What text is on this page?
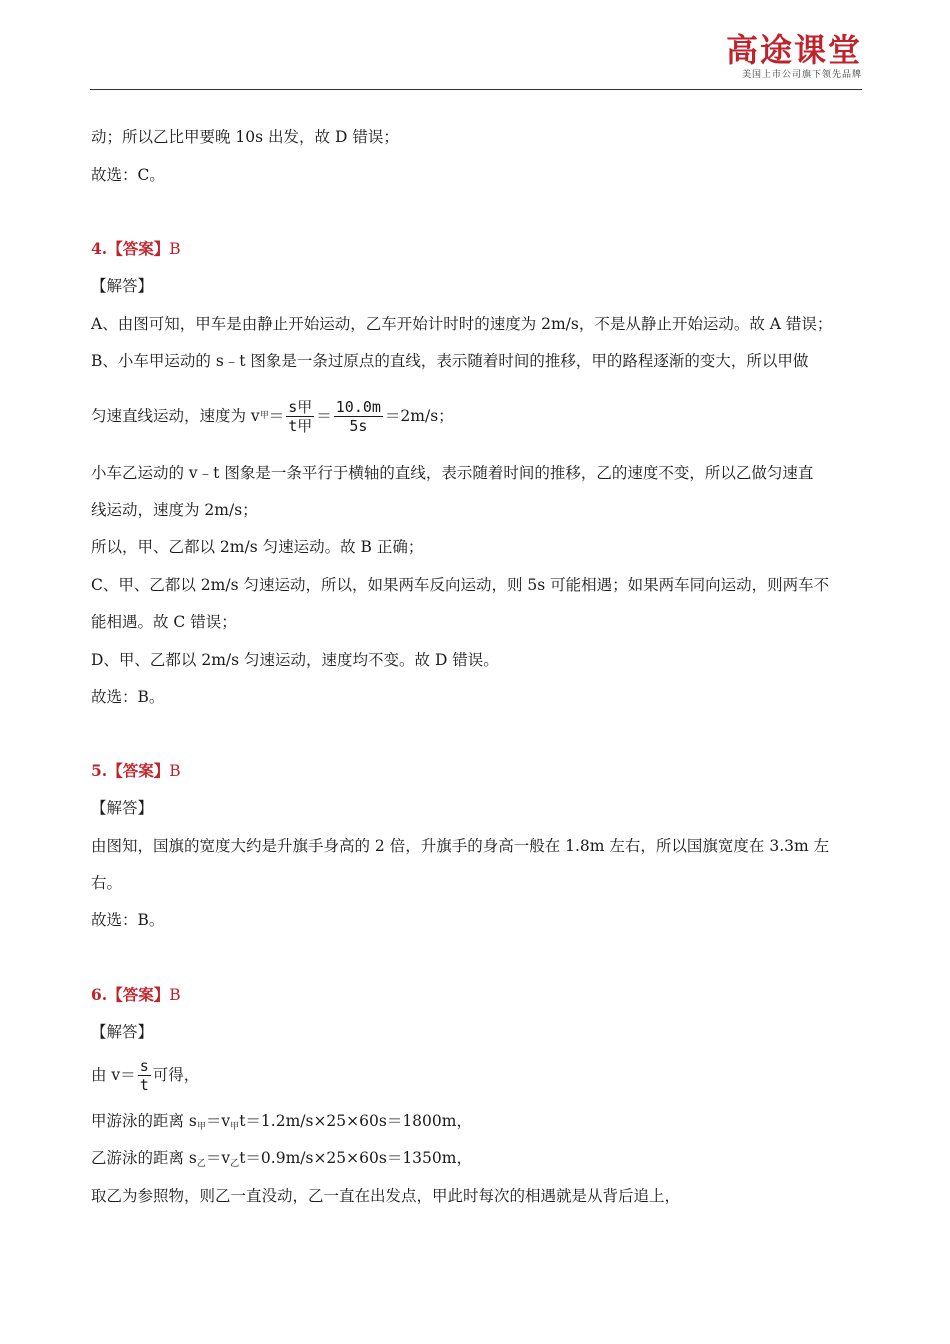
高途课堂
美国上市公司旗下领先品牌
动；所以乙比甲要晚 10s 出发，故 D 错误；
故选：C。
4.【答案】B
【解答】
A、由图可知，甲车是由静止开始运动，乙车开始计时时的速度为 2m/s，不是从静止开始运动。故 A 错误；
B、小车甲运动的 s﹣t 图象是一条过原点的直线，表示随着时间的推移，甲的路程逐渐的变大，所以甲做
匀速直线运动，速度为 v 甲 ＝ $\frac{\text{s甲}}{\text{t甲}} = \frac{10.0m}{5s} =2m/s$；
小车乙运动的 v﹣t 图象是一条平行于横轴的直线，表示随着时间的推移，乙的速度不变，所以乙做匀速直
线运动，速度为 2m/s；
所以，甲、乙都以 2m/s 匀速运动。故 B 正确；
C、甲、乙都以 2m/s 匀速运动，所以，如果两车反向运动，则 5s 可能相遇；如果两车同向运动，则两车不
能相遇。故 C 错误；
D、甲、乙都以 2m/s 匀速运动，速度均不变。故 D 错误。
故选：B。
5.【答案】B
【解答】
由图知，国旗的宽度大约是升旗手身高的 2 倍，升旗手的身高一般在 1.8m 左右，所以国旗宽度在 3.3m 左
右。
故选：B。
6.【答案】B
【解答】
由 $v= \frac{s}{t}$ 可得，
甲游泳的距离 $s_甲=v_甲t=1.2m/s\times 25\times 60s=1800m$，
乙游泳的距离 $s_乙=v_乙t=0.9m/s\times 25\times 60s=1350m$，
取乙为参照物，则乙一直没动，乙一直在出发点，甲此时每次的相遇就是从背后追上，
